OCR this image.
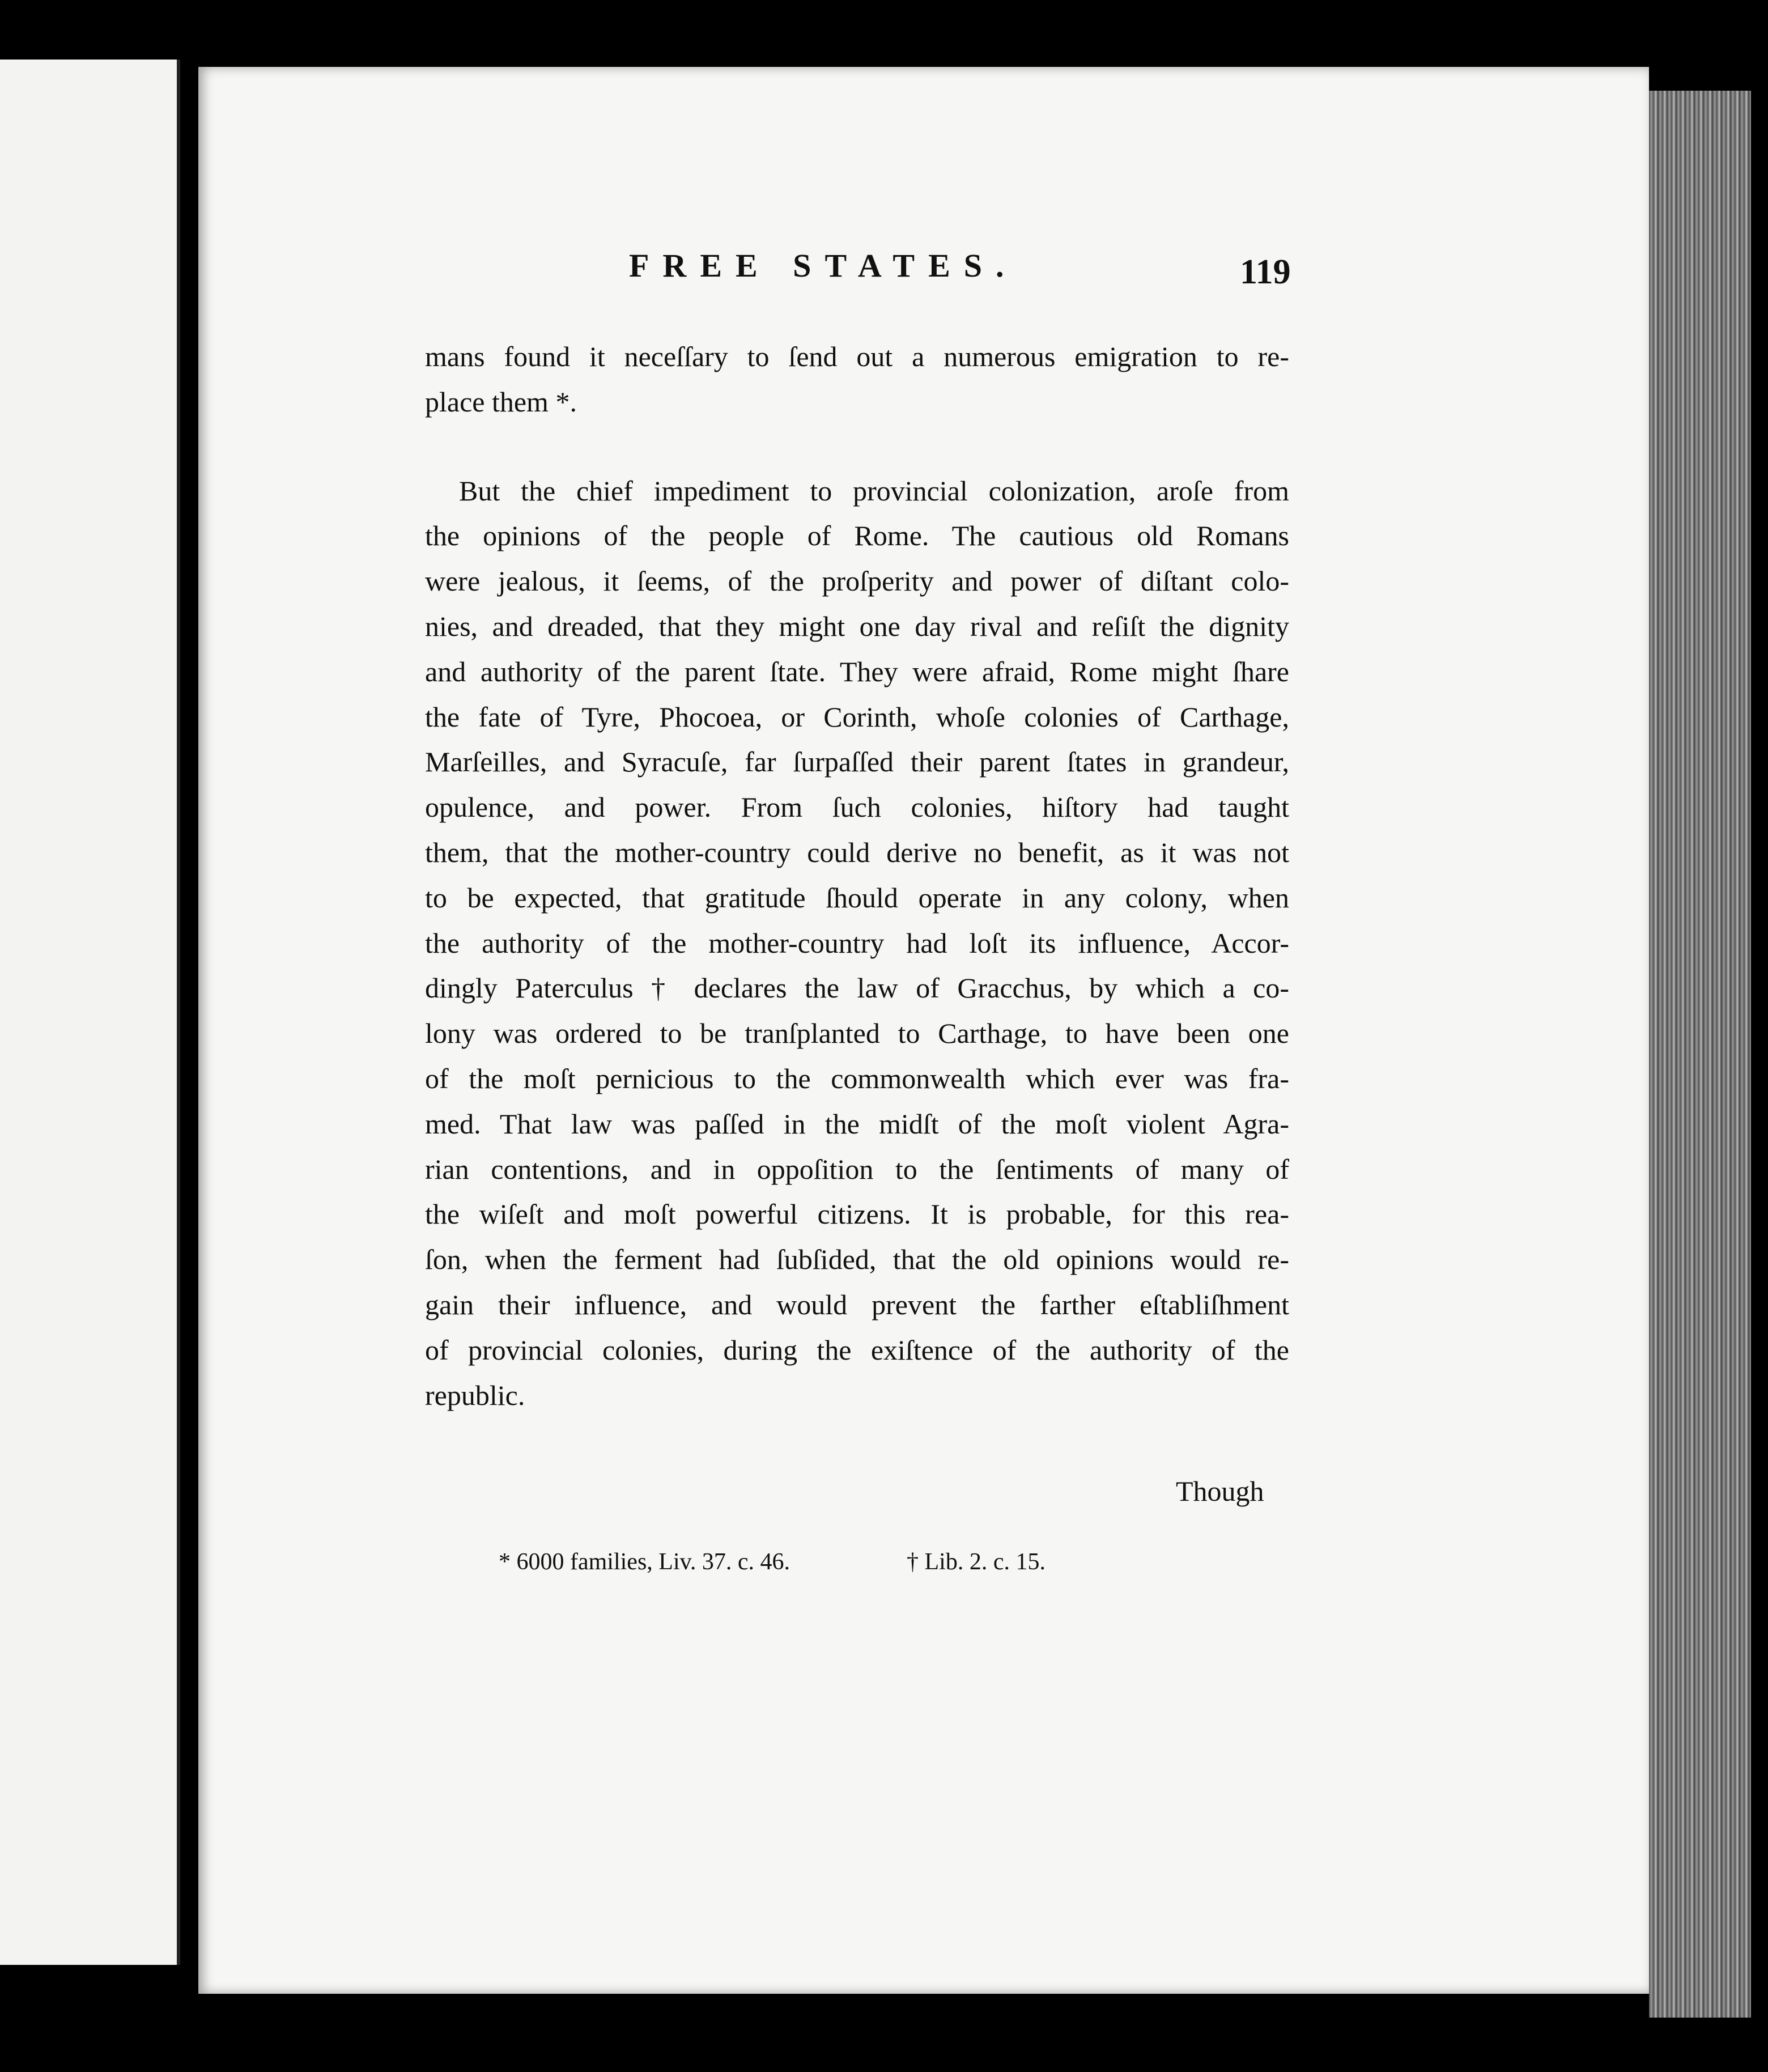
FREE STATES.	119
mans found it neceſſary to ſend out a numerous emigration to re-
place them *.
But the chief impediment to provincial colonization, aroſe from
the opinions of the people of Rome. The cautious old Romans
were jealous, it ſeems, of the proſperity and power of diſtant colo-
nies, and dreaded, that they might one day rival and reſiſt the dignity
and authority of the parent ſtate. They were afraid, Rome might ſhare
the fate of Tyre, Phocoea, or Corinth, whoſe colonies of Carthage,
Marſeilles, and Syracuſe, far ſurpaſſed their parent ſtates in grandeur,
opulence, and power. From ſuch colonies, hiſtory had taught
them, that the mother-country could derive no benefit, as it was not
to be expected, that gratitude ſhould operate in any colony, when
the authority of the mother-country had loſt its influence, Accor-
dingly Paterculus † declares the law of Gracchus, by which a co-
lony was ordered to be tranſplanted to Carthage, to have been one
of the moſt pernicious to the commonwealth which ever was fra-
med. That law was paſſed in the midſt of the moſt violent Agra-
rian contentions, and in oppoſition to the ſentiments of many of
the wiſeſt and moſt powerful citizens. It is probable, for this rea-
ſon, when the ferment had ſubſided, that the old opinions would re-
gain their influence, and would prevent the farther eſtabliſhment
of provincial colonies, during the exiſtence of the authority of the
republic.
Though
* 6000 families, Liv. 37. c. 46.	† Lib. 2. c. 15.
